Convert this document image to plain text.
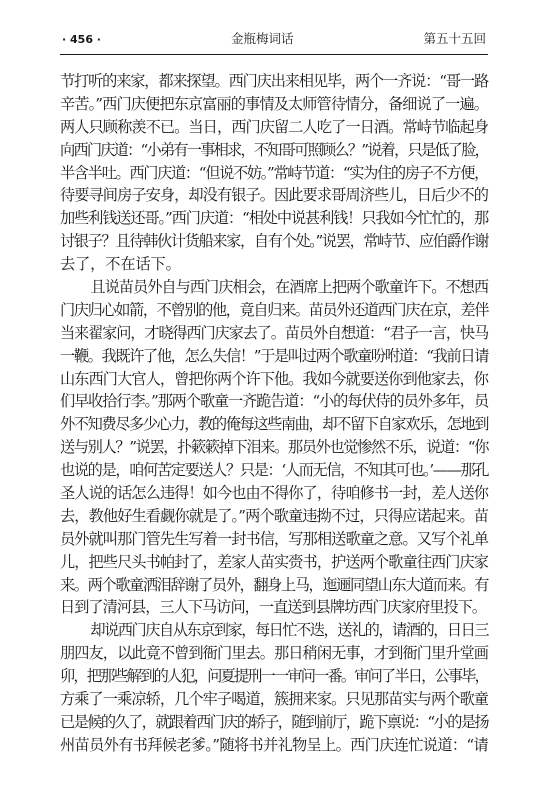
· 456 ·	金瓶梅词话	第五十五回
节打听的来家，都来探望。西门庆出来相见毕，两个一齐说：“哥一路
辛苦。”西门庆便把东京富丽的事情及太师管待情分，备细说了一遍。
两人只顾称羡不已。当日，西门庆留二人吃了一日酒。常峙节临起身
向西门庆道：“小弟有一事相求，不知哥可照顾么？”说着，只是低了脸，
半含半吐。西门庆道：“但说不妨。”常峙节道：“实为住的房子不方便，
待要寻间房子安身，却没有银子。因此要求哥周济些儿，日后少不的
加些利钱送还哥。”西门庆道：“相处中说甚利钱！只我如今忙忙的，那
讨银子？且待韩伙计货船来家，自有个处。”说罢，常峙节、应伯爵作谢
去了，不在话下。
且说苗员外自与西门庆相会，在酒席上把两个歌童许下。不想西
门庆归心如箭，不曾别的他，竟自归来。苗员外还道西门庆在京，差伴
当来翟家问，才晓得西门庆家去了。苗员外自想道：“君子一言，快马
一鞭。我既许了他，怎么失信！”于是叫过两个歌童吩咐道：“我前日请
山东西门大官人，曾把你两个许下他。我如今就要送你到他家去，你
们早收拾行李。”那两个歌童一齐跪告道：“小的每伏侍的员外多年，员
外不知费尽多少心力，教的俺每这些南曲，却不留下自家欢乐，怎地到
送与别人？”说罢，扑簌簌掉下泪来。那员外也觉惨然不乐，说道：“你
也说的是，咱何苦定要送人？只是：‘人而无信，不知其可也。’——那孔
圣人说的话怎么违得！如今也由不得你了，待咱修书一封，差人送你
去，教他好生看觑你就是了。”两个歌童违拗不过，只得应诺起来。苗
员外就叫那门管先生写着一封书信，写那相送歌童之意。又写个礼单
儿，把些尺头书帕封了，差家人苗实赍书，护送两个歌童往西门庆家
来。两个歌童洒泪辞谢了员外，翻身上马，迤逦同望山东大道而来。有
日到了清河县，三人下马访问，一直送到县牌坊西门庆家府里投下。
却说西门庆自从东京到家，每日忙不迭，送礼的，请酒的，日日三
朋四友，以此竟不曾到衙门里去。那日稍闲无事，才到衙门里升堂画
卯，把那些解到的人犯，问夏提刑一一审问一番。审问了半日，公事毕，
方乘了一乘凉轿，几个牢子喝道，簇拥来家。只见那苗实与两个歌童
已是候的久了，就跟着西门庆的轿子，随到前厅，跪下禀说：“小的是扬
州苗员外有书拜候老爹。”随将书并礼物呈上。西门庆连忙说道：“请
